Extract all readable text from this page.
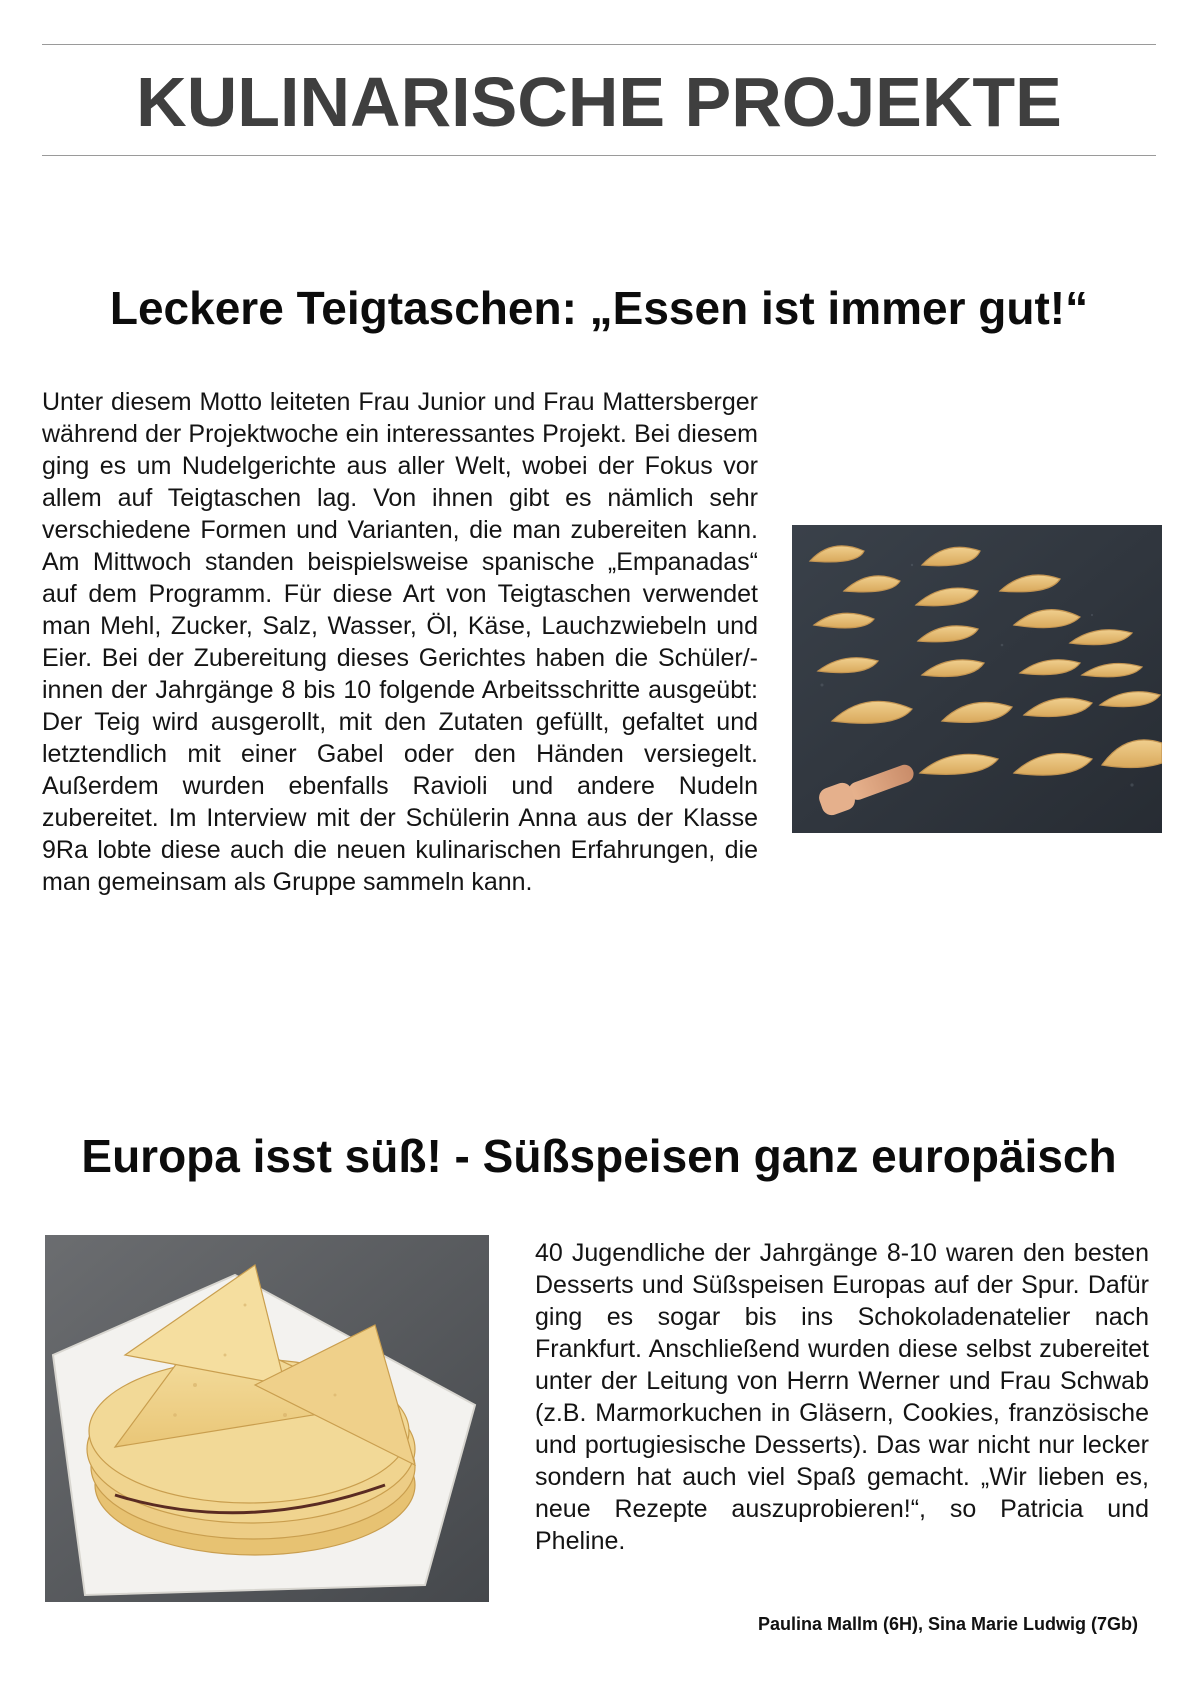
KULINARISCHE PROJEKTE
Leckere Teigtaschen: „Essen ist immer gut!“

Unter diesem Motto leiteten Frau Junior und Frau Mattersberger während der Projektwoche ein interessantes Projekt. Bei diesem ging es um Nudelgerichte aus aller Welt, wobei der Fokus vor allem auf Teigtaschen lag. Von ihnen gibt es nämlich sehr verschiedene Formen und Varianten, die man zubereiten kann. Am Mittwoch standen beispielsweise spanische „Empanadas“ auf dem Programm. Für diese Art von Teigtaschen verwendet man Mehl, Zucker, Salz, Wasser, Öl, Käse, Lauchzwiebeln und Eier. Bei der Zubereitung dieses Gerichtes haben die Schüler/-innen der Jahrgänge 8 bis 10 folgende Arbeitsschritte ausgeübt: Der Teig wird ausgerollt, mit den Zutaten gefüllt, gefaltet und letztendlich mit einer Gabel oder den Händen versiegelt. Außerdem wurden ebenfalls Ravioli und andere Nudeln zubereitet. Im Interview mit der Schülerin Anna aus der Klasse 9Ra lobte diese auch die neuen kulinarischen Erfahrungen, die man gemeinsam als Gruppe sammeln kann.

Europa isst süß! - Süßspeisen ganz europäisch

40 Jugendliche der Jahrgänge 8-10 waren den besten Desserts und Süßspeisen Europas auf der Spur. Dafür ging es sogar bis ins Schokoladenatelier nach Frankfurt. Anschließend wurden diese selbst zubereitet unter der Leitung von Herrn Werner und Frau Schwab (z.B. Marmorkuchen in Gläsern, Cookies, französische und portugiesische Desserts). Das war nicht nur lecker sondern hat auch viel Spaß gemacht. „Wir lieben es, neue Rezepte auszuprobieren!“, so Patricia und Pheline.

Paulina Mallm (6H), Sina Marie Ludwig (7Gb)
